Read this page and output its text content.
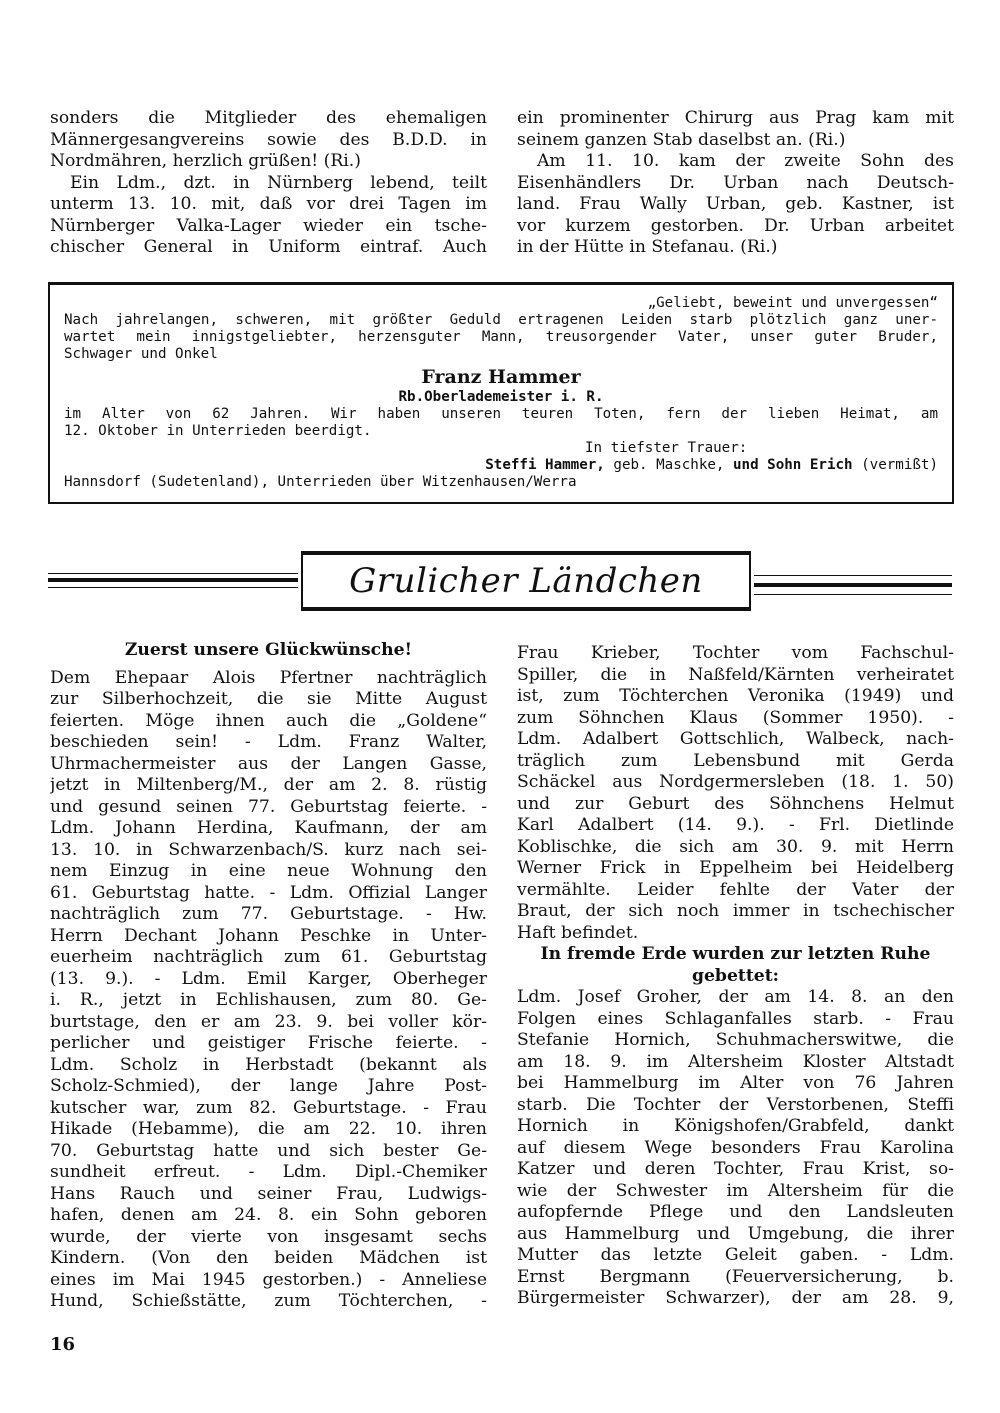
sonders die Mitglieder des ehemaligen
Männergesangvereins sowie des B.D.D. in
Nordmähren, herzlich grüßen! (Ri.)
Ein Ldm., dzt. in Nürnberg lebend, teilt
unterm 13. 10. mit, daß vor drei Tagen im
Nürnberger Valka-Lager wieder ein tsche-
chischer General in Uniform eintraf. Auch
ein prominenter Chirurg aus Prag kam mit
seinem ganzen Stab daselbst an. (Ri.)
Am 11. 10. kam der zweite Sohn des
Eisenhändlers Dr. Urban nach Deutsch-
land. Frau Wally Urban, geb. Kastner, ist
vor kurzem gestorben. Dr. Urban arbeitet
in der Hütte in Stefanau. (Ri.)
„Geliebt, beweint und unvergessen“
Nach jahrelangen, schweren, mit größter Geduld ertragenen Leiden starb plötzlich ganz uner-
wartet mein innigstgeliebter, herzensguter Mann, treusorgender Vater, unser guter Bruder,
Schwager und Onkel
Franz Hammer
Rb.Oberlademeister i. R.
im Alter von 62 Jahren. Wir haben unseren teuren Toten, fern der lieben Heimat, am
12. Oktober in Unterrieden beerdigt.
In tiefster Trauer:
Steffi Hammer, geb. Maschke, und Sohn Erich (vermißt)
Hannsdorf (Sudetenland), Unterrieden über Witzenhausen/Werra
Grulicher Ländchen
Zuerst unsere Glückwünsche!
Dem Ehepaar Alois Pfertner nachträglich
zur Silberhochzeit, die sie Mitte August
feierten. Möge ihnen auch die „Goldene“
beschieden sein! - Ldm. Franz Walter,
Uhrmachermeister aus der Langen Gasse,
jetzt in Miltenberg/M., der am 2. 8. rüstig
und gesund seinen 77. Geburtstag feierte. -
Ldm. Johann Herdina, Kaufmann, der am
13. 10. in Schwarzenbach/S. kurz nach sei-
nem Einzug in eine neue Wohnung den
61. Geburtstag hatte. - Ldm. Offizial Langer
nachträglich zum 77. Geburtstage. - Hw.
Herrn Dechant Johann Peschke in Unter-
euerheim nachträglich zum 61. Geburtstag
(13. 9.). - Ldm. Emil Karger, Oberheger
i. R., jetzt in Echlishausen, zum 80. Ge-
burtstage, den er am 23. 9. bei voller kör-
perlicher und geistiger Frische feierte. -
Ldm. Scholz in Herbstadt (bekannt als
Scholz-Schmied), der lange Jahre Post-
kutscher war, zum 82. Geburtstage. - Frau
Hikade (Hebamme), die am 22. 10. ihren
70. Geburtstag hatte und sich bester Ge-
sundheit erfreut. - Ldm. Dipl.-Chemiker
Hans Rauch und seiner Frau, Ludwigs-
hafen, denen am 24. 8. ein Sohn geboren
wurde, der vierte von insgesamt sechs
Kindern. (Von den beiden Mädchen ist
eines im Mai 1945 gestorben.) - Anneliese
Hund, Schießstätte, zum Töchterchen, -
Frau Krieber, Tochter vom Fachschul-
Spiller, die in Naßfeld/Kärnten verheiratet
ist, zum Töchterchen Veronika (1949) und
zum Söhnchen Klaus (Sommer 1950). -
Ldm. Adalbert Gottschlich, Walbeck, nach-
träglich zum Lebensbund mit Gerda
Schäckel aus Nordgermersleben (18. 1. 50)
und zur Geburt des Söhnchens Helmut
Karl Adalbert (14. 9.). - Frl. Dietlinde
Koblischke, die sich am 30. 9. mit Herrn
Werner Frick in Eppelheim bei Heidelberg
vermählte. Leider fehlte der Vater der
Braut, der sich noch immer in tschechischer
Haft befindet.
In fremde Erde wurden zur letzten Ruhe
gebettet:
Ldm. Josef Groher, der am 14. 8. an den
Folgen eines Schlaganfalles starb. - Frau
Stefanie Hornich, Schuhmacherswitwe, die
am 18. 9. im Altersheim Kloster Altstadt
bei Hammelburg im Alter von 76 Jahren
starb. Die Tochter der Verstorbenen, Steffi
Hornich in Königshofen/Grabfeld, dankt
auf diesem Wege besonders Frau Karolina
Katzer und deren Tochter, Frau Krist, so-
wie der Schwester im Altersheim für die
aufopfernde Pflege und den Landsleuten
aus Hammelburg und Umgebung, die ihrer
Mutter das letzte Geleit gaben. - Ldm.
Ernst Bergmann (Feuerversicherung, b.
Bürgermeister Schwarzer), der am 28. 9,
16
